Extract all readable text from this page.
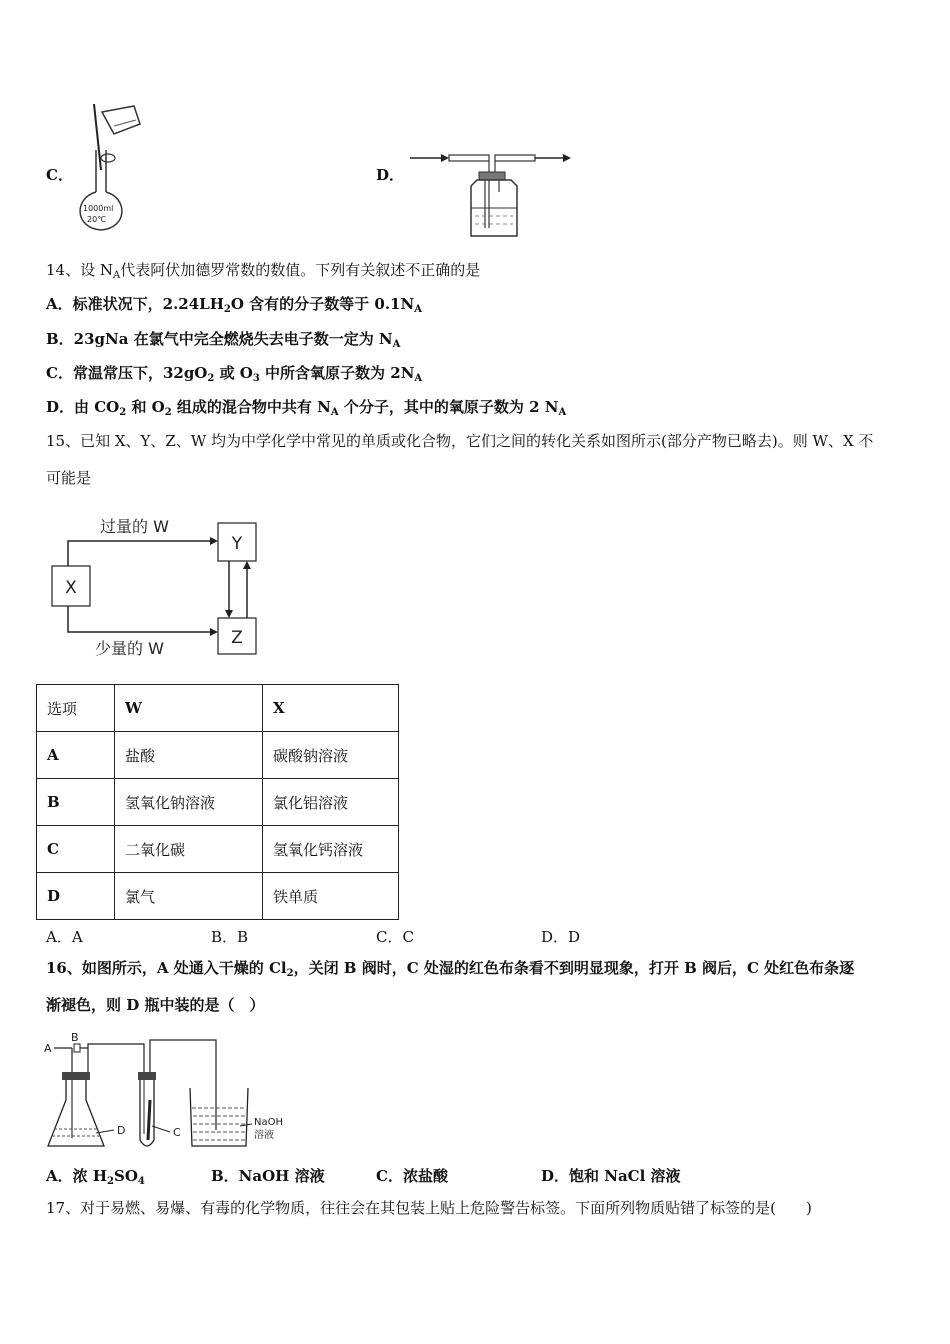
C．
1000ml
20℃
D．
14、设 $N_A$代表阿伏加德罗常数的数值。下列有关叙述不正确的是
A．标准状况下，$2.24LH_2O$ 含有的分子数等于 $0.1N_A$
B．23gNa 在氯气中完全燃烧失去电子数一定为 $N_A$
C．常温常压下，$32gO_2$ 或 $O_3$ 中所含氧原子数为 $2N_A$
D．由 $CO_2$ 和 $O_2$ 组成的混合物中共有 $N_A$ 个分子，其中的氧原子数为 2 $N_A$
15、已知 X、Y、Z、W 均为中学化学中常见的单质或化合物，它们之间的转化关系如图所示(部分产物已略去)。则 W、X 不
可能是
X
Y
Z
过量的 W
少量的 W
选项	W	X
A	盐酸	碳酸钠溶液
B	氢氧化钠溶液	氯化铝溶液
C	二氧化碳	氢氧化钙溶液
D	氯气	铁单质
A．A	B．B	C．C	D．D
16、如图所示，A 处通入干燥的 $Cl_2$，关闭 B 阀时，C 处湿的红色布条看不到明显现象，打开 B 阀后，C 处红色布条逐
渐褪色，则 D 瓶中装的是（　）
A
B
D	C
NaOH
溶液
A．浓 $H_2SO_4$	B．NaOH 溶液	C．浓盐酸	D．饱和 NaCl 溶液
17、对于易燃、易爆、有毒的化学物质，往往会在其包装上贴上危险警告标签。下面所列物质贴错了标签的是(　　)
